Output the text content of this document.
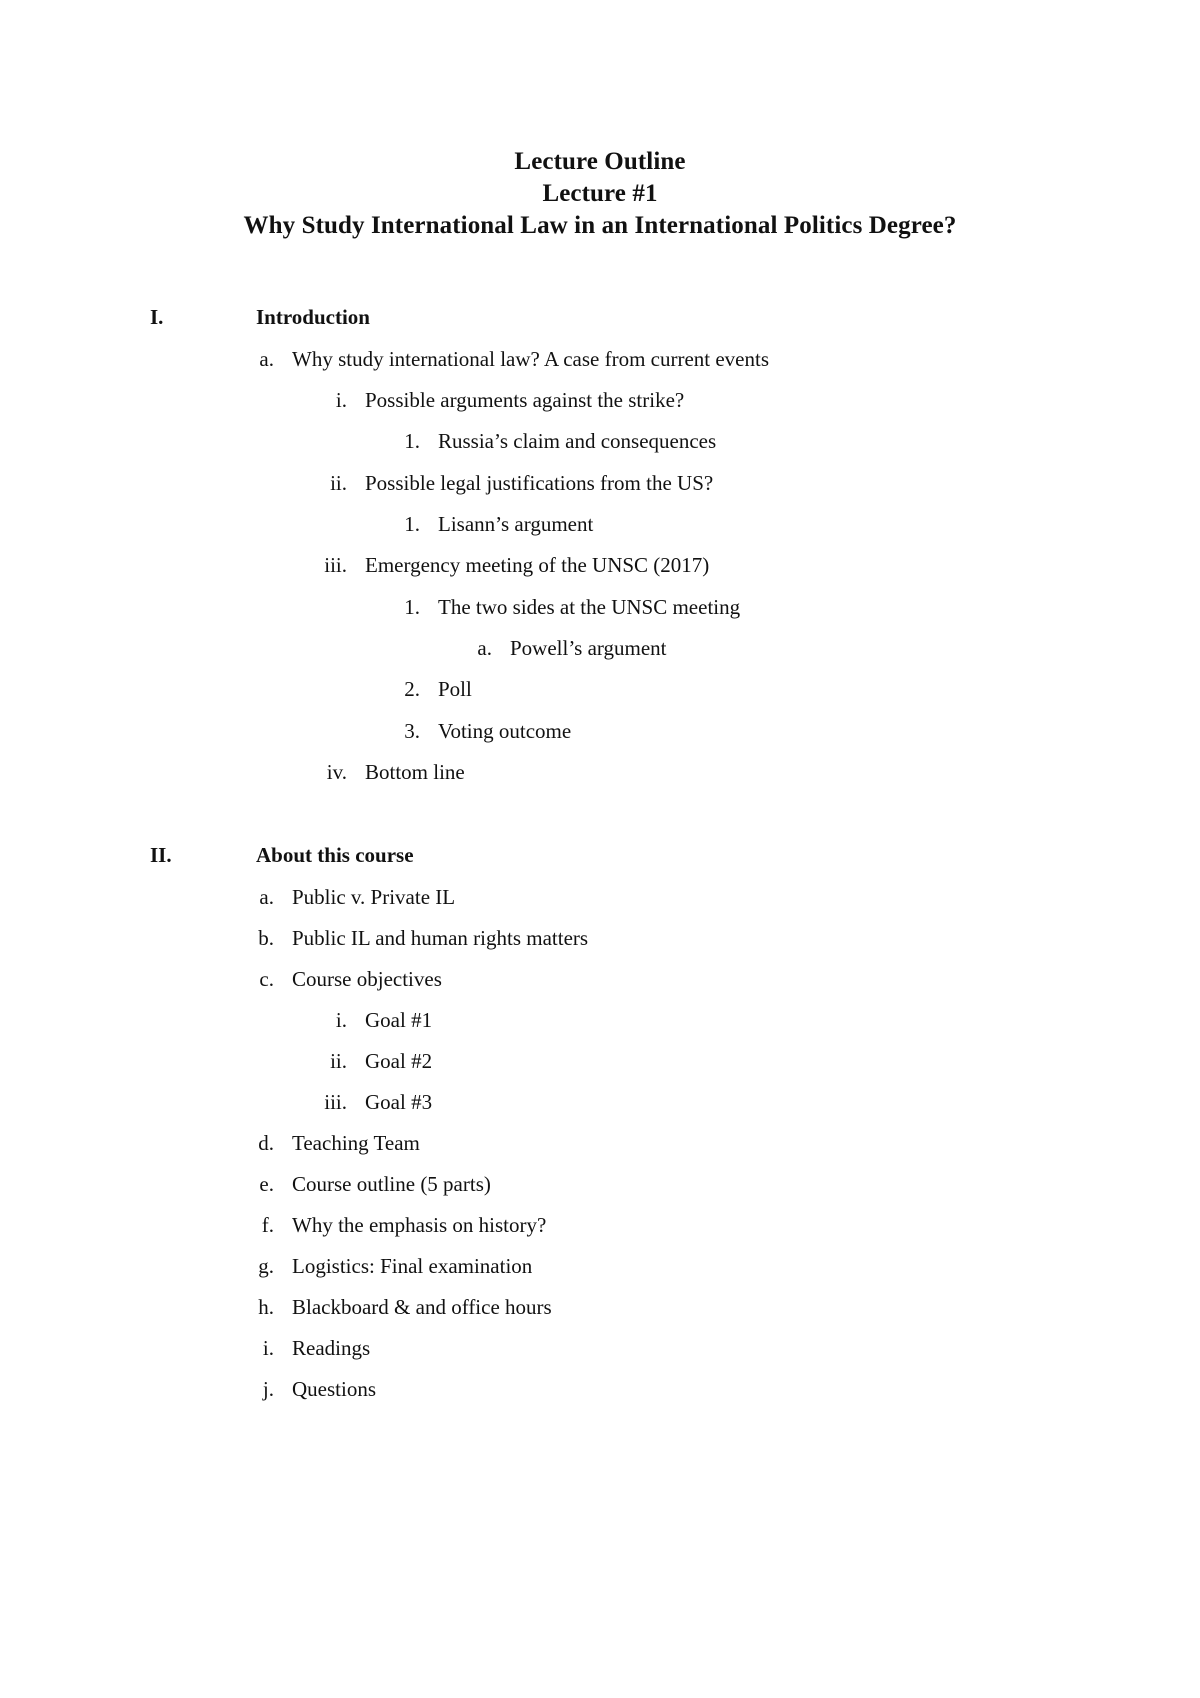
Lecture Outline
Lecture #1
Why Study International Law in an International Politics Degree?
I.	Introduction
a. Why study international law? A case from current events
i. Possible arguments against the strike?
1. Russia’s claim and consequences
ii. Possible legal justifications from the US?
1. Lisann’s argument
iii. Emergency meeting of the UNSC (2017)
1. The two sides at the UNSC meeting
a. Powell’s argument
2. Poll
3. Voting outcome
iv. Bottom line
II.	About this course
a. Public v. Private IL
b. Public IL and human rights matters
c. Course objectives
i. Goal #1
ii. Goal #2
iii. Goal #3
d. Teaching Team
e. Course outline (5 parts)
f. Why the emphasis on history?
g. Logistics: Final examination
h. Blackboard & and office hours
i. Readings
j. Questions
